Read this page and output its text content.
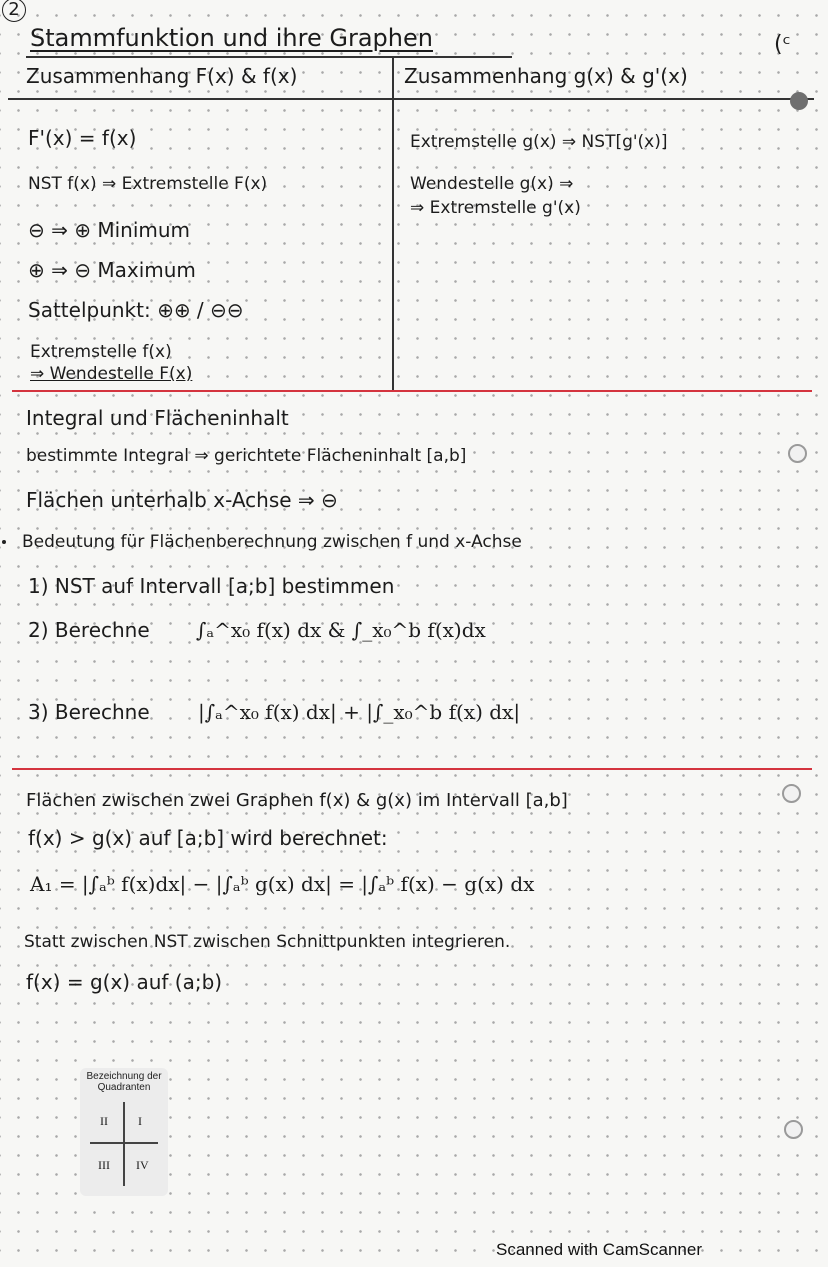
2
(ᶜ
Stammfunktion und ihre Graphen
Zusammenhang F(x) & f(x)	Zusammenhang g(x) & g'(x)
F'(x) = f(x)
NST f(x) ⇒ Extremstelle F(x)
⊖ ⇒ ⊕ Minimum
⊕ ⇒ ⊖ Maximum
Sattelpunkt: ⊕⊕ / ⊖⊖
Extremstelle f(x)
⇒ Wendestelle F(x)
Extremstelle g(x) ⇒ NST[g'(x)]
Wendestelle g(x) ⇒
⇒ Extremstelle g'(x)
Integral und Flächeninhalt
bestimmte Integral ⇒ gerichtete Flächeninhalt [a,b]
Flächen unterhalb x-Achse ⇒ ⊖
Bedeutung für Flächenberechnung zwischen f und x-Achse
1) NST auf Intervall [a;b] bestimmen
2) Berechne ∫ₐ^x₀ f(x) dx & ∫_x₀^b f(x)dx
3) Berechne |∫ₐ^x₀ f(x) dx| + |∫_x₀^b f(x) dx|
Flächen zwischen zwei Graphen f(x) & g(x) im Intervall [a,b]
f(x) > g(x) auf [a;b] wird berechnet:
A₁ = |∫ₐᵇ f(x)dx| − |∫ₐᵇ g(x) dx| = |∫ₐᵇ f(x) − g(x) dx
Statt zwischen NST zwischen Schnittpunkten integrieren.
f(x) = g(x) auf (a;b)
Bezeichnung der Quadranten
II	I
III IV
Scanned with CamScanner
